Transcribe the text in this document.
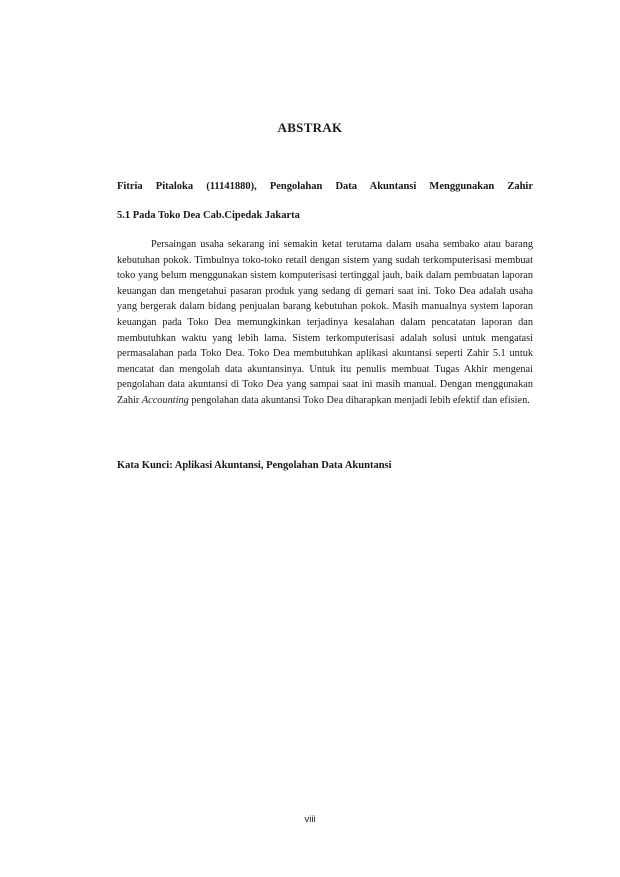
ABSTRAK
Fitria Pitaloka (11141880), Pengolahan Data Akuntansi Menggunakan Zahir
5.1 Pada Toko Dea Cab.Cipedak Jakarta

Persaingan usaha sekarang ini semakin ketat terutama dalam usaha sembako atau barang kebutuhan pokok. Timbulnya toko-toko retail dengan sistem yang sudah terkomputerisasi membuat toko yang belum menggunakan sistem komputerisasi tertinggal jauh, baik dalam pembuatan laporan keuangan dan mengetahui pasaran produk yang sedang di gemari saat ini. Toko Dea adalah usaha yang bergerak dalam bidang penjualan barang kebutuhan pokok. Masih manualnya system laporan keuangan pada Toko Dea memungkinkan terjadinya kesalahan dalam pencatatan laporan dan membutuhkan waktu yang lebih lama. Sistem terkomputerisasi adalah solusi untuk mengatasi permasalahan pada Toko Dea. Toko Dea membutuhkan aplikasi akuntansi seperti Zahir 5.1 untuk mencatat dan mengolah data akuntansinya. Untuk itu penulis membuat Tugas Akhir mengenai pengolahan data akuntansi di Toko Dea yang sampai saat ini masih manual. Dengan menggunakan Zahir Accounting pengolahan data akuntansi Toko Dea diharapkan menjadi lebih efektif dan efisien.

Kata Kunci: Aplikasi Akuntansi, Pengolahan Data Akuntansi
viii
